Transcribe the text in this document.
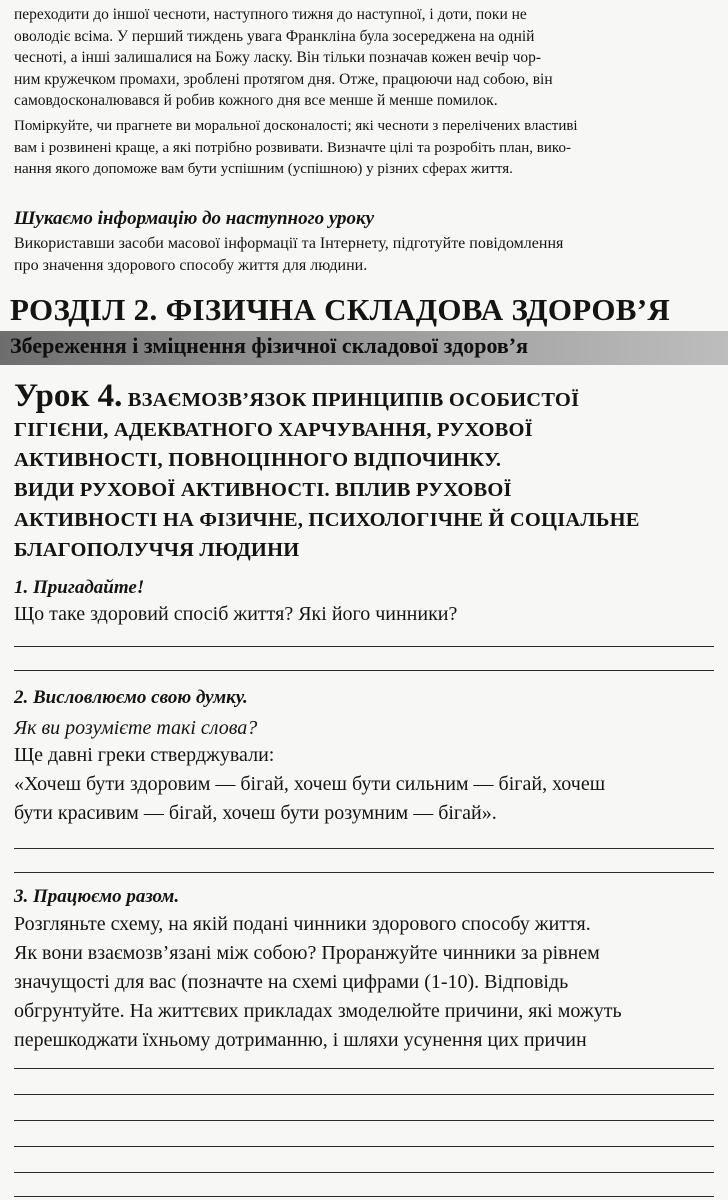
переходити до іншої чесноти, наступного тижня до наступної, і доти, поки не
оволодіє всіма. У перший тиждень увага Франкліна була зосереджена на одній
чесноті, а інші залишалися на Божу ласку. Він тільки позначав кожен вечір чор-
ним кружечком промахи, зроблені протягом дня. Отже, працюючи над собою, він
самовдосконалювався й робив кожного дня все менше й менше помилок.
Поміркуйте, чи прагнете ви моральної досконалості; які чесноти з перелічених властиві
вам і розвинені краще, а які потрібно розвивати. Визначте цілі та розробіть план, вико-
нання якого допоможе вам бути успішним (успішною) у різних сферах життя.
Шукаємо інформацію до наступного уроку
Використавши засоби масової інформації та Інтернету, підготуйте повідомлення
про значення здорового способу життя для людини.
РОЗДІЛ 2. ФІЗИЧНА СКЛАДОВА ЗДОРОВ’Я
Збереження і зміцнення фізичної складової здоров’я
Урок 4. ВЗАЄМОЗВ’ЯЗОК ПРИНЦИПІВ ОСОБИСТОЇ
ГІГІЄНИ, АДЕКВАТНОГО ХАРЧУВАННЯ, РУХОВОЇ
АКТИВНОСТІ, ПОВНОЦІННОГО ВІДПОЧИНКУ.
ВИДИ РУХОВОЇ АКТИВНОСТІ. ВПЛИВ РУХОВОЇ
АКТИВНОСТІ НА ФІЗИЧНЕ, ПСИХОЛОГІЧНЕ Й СОЦІАЛЬНЕ
БЛАГОПОЛУЧЧЯ ЛЮДИНИ
1. Пригадайте!
Що таке здоровий спосіб життя? Які його чинники?
2. Висловлюємо свою думку.
Як ви розумієте такі слова?
Ще давні греки стверджували:
«Хочеш бути здоровим — бігай, хочеш бути сильним — бігай, хочеш
бути красивим — бігай, хочеш бути розумним — бігай».
3. Працюємо разом.
Розгляньте схему, на якій подані чинники здорового способу життя.
Як вони взаємозв’язані між собою? Проранжуйте чинники за рівнем
значущості для вас (позначте на схемі цифрами (1-10). Відповідь
обгрунтуйте. На життєвих прикладах змоделюйте причини, які можуть
перешкоджати їхньому дотриманню, і шляхи усунення цих причин
